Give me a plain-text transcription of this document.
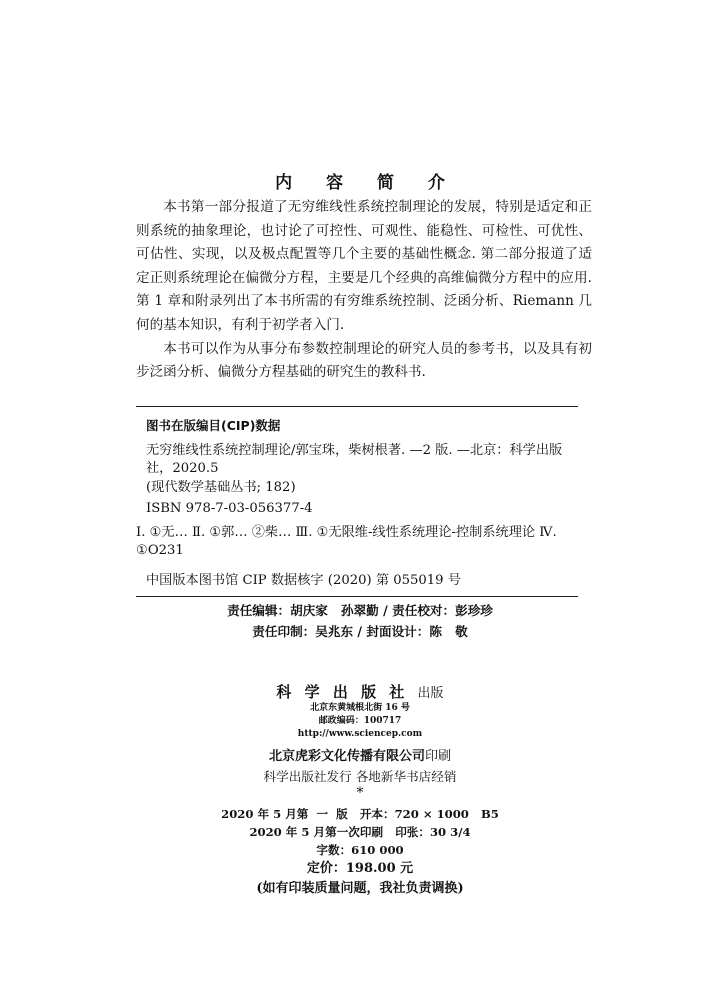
内 容 简 介

本书第一部分报道了无穷维线性系统控制理论的发展，特别是适定和正则系统的抽象理论，也讨论了可控性、可观性、能稳性、可检性、可优性、可估性、实现，以及极点配置等几个主要的基础性概念. 第二部分报道了适定正则系统理论在偏微分方程，主要是几个经典的高维偏微分方程中的应用. 第 1 章和附录列出了本书所需的有穷维系统控制、泛函分析、Riemann 几何的基本知识，有利于初学者入门.

本书可以作为从事分布参数控制理论的研究人员的参考书，以及具有初步泛函分析、偏微分方程基础的研究生的教科书.

图书在版编目(CIP)数据

无穷维线性系统控制理论/郭宝珠，柴树根著. —2 版. —北京：科学出版社，2020.5

(现代数学基础丛书; 182)

ISBN 978-7-03-056377-4

Ⅰ. ①无… Ⅱ. ①郭… ②柴… Ⅲ. ①无限维-线性系统理论-控制系统理论 Ⅳ. ①O231

中国版本图书馆 CIP 数据核字 (2020) 第 055019 号

责任编辑：胡庆家   孙翠勤 / 责任校对：彭珍珍
责任印制：吴兆东 / 封面设计：陈   敬
科 学 出 版 社 出版
北京东黄城根北街 16 号
邮政编码：100717
http://www.sciencep.com
北京虎彩文化传播有限公司印刷
科学出版社发行 各地新华书店经销
*
2020 年 5 月第  一  版   开本：720 × 1000   B5
2020 年 5 月第一次印刷   印张：30 3/4
字数：610 000
定价：198.00 元
(如有印装质量问题，我社负责调换)
